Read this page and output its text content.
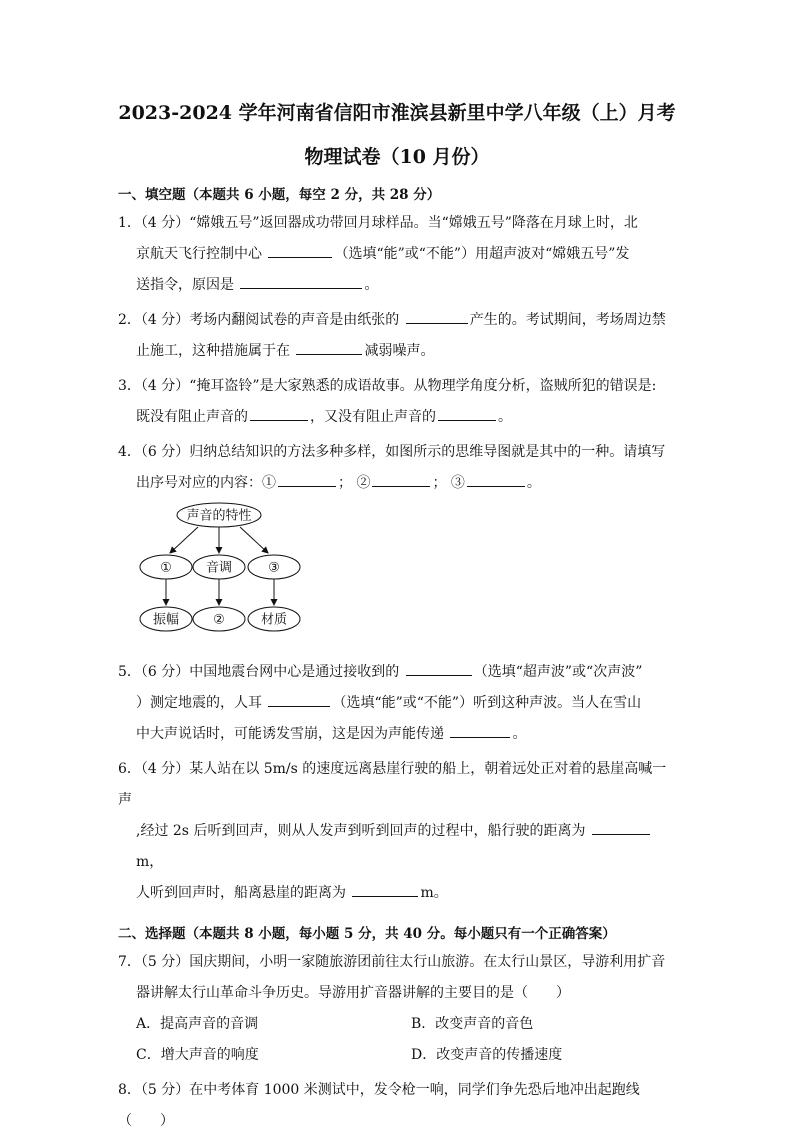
2023-2024 学年河南省信阳市淮滨县新里中学八年级（上）月考
物理试卷（10 月份）
一、填空题（本题共 6 小题，每空 2 分，共 28 分）

1．（4 分）“嫦娥五号”返回器成功带回月球样品。当“嫦娥五号”降落在月球上时，北

京航天飞行控制中心	（选填“能”或“不能”）用超声波对“嫦娥五号”发

送指令，原因是	。

2．（4 分）考场内翻阅试卷的声音是由纸张的	产生的。考试期间，考场周边禁

止施工，这种措施属于在	减弱噪声。

3．（4 分）“掩耳盗铃”是大家熟悉的成语故事。从物理学角度分析，盗贼所犯的错误是:

既没有阻止声音的	，又没有阻止声音的	。

4．（6 分）归纳总结知识的方法多种多样，如图所示的思维导图就是其中的一种。请填写

出序号对应的内容：①	； ②	； ③	。

声音的特性
①	音调	③
振幅	②	材质

5．（6 分）中国地震台网中心是通过接收到的	（选填“超声波”或“次声波”

）测定地震的，人耳	（选填“能”或“不能”）听到这种声波。当人在雪山

中大声说话时，可能诱发雪崩，这是因为声能传递	。

6．（4 分）某人站在以 5m/s 的速度远离悬崖行驶的船上，朝着远处正对着的悬崖高喊一声

,经过 2s 后听到回声，则从人发声到听到回声的过程中，船行驶的距离为 m，

人听到回声时，船离悬崖的距离为	m。

二、选择题（本题共 8 小题，每小题 5 分，共 40 分。每小题只有一个正确答案）

7．（5 分）国庆期间，小明一家随旅游团前往太行山旅游。在太行山景区，导游利用扩音

器讲解太行山革命斗争历史。导游用扩音器讲解的主要目的是（　　）

A．提高声音的音调	B．改变声音的音色
C．增大声音的响度	D．改变声音的传播速度

8．（5 分）在中考体育 1000 米测试中，发令枪一响，同学们争先恐后地冲出起跑线（　　）
